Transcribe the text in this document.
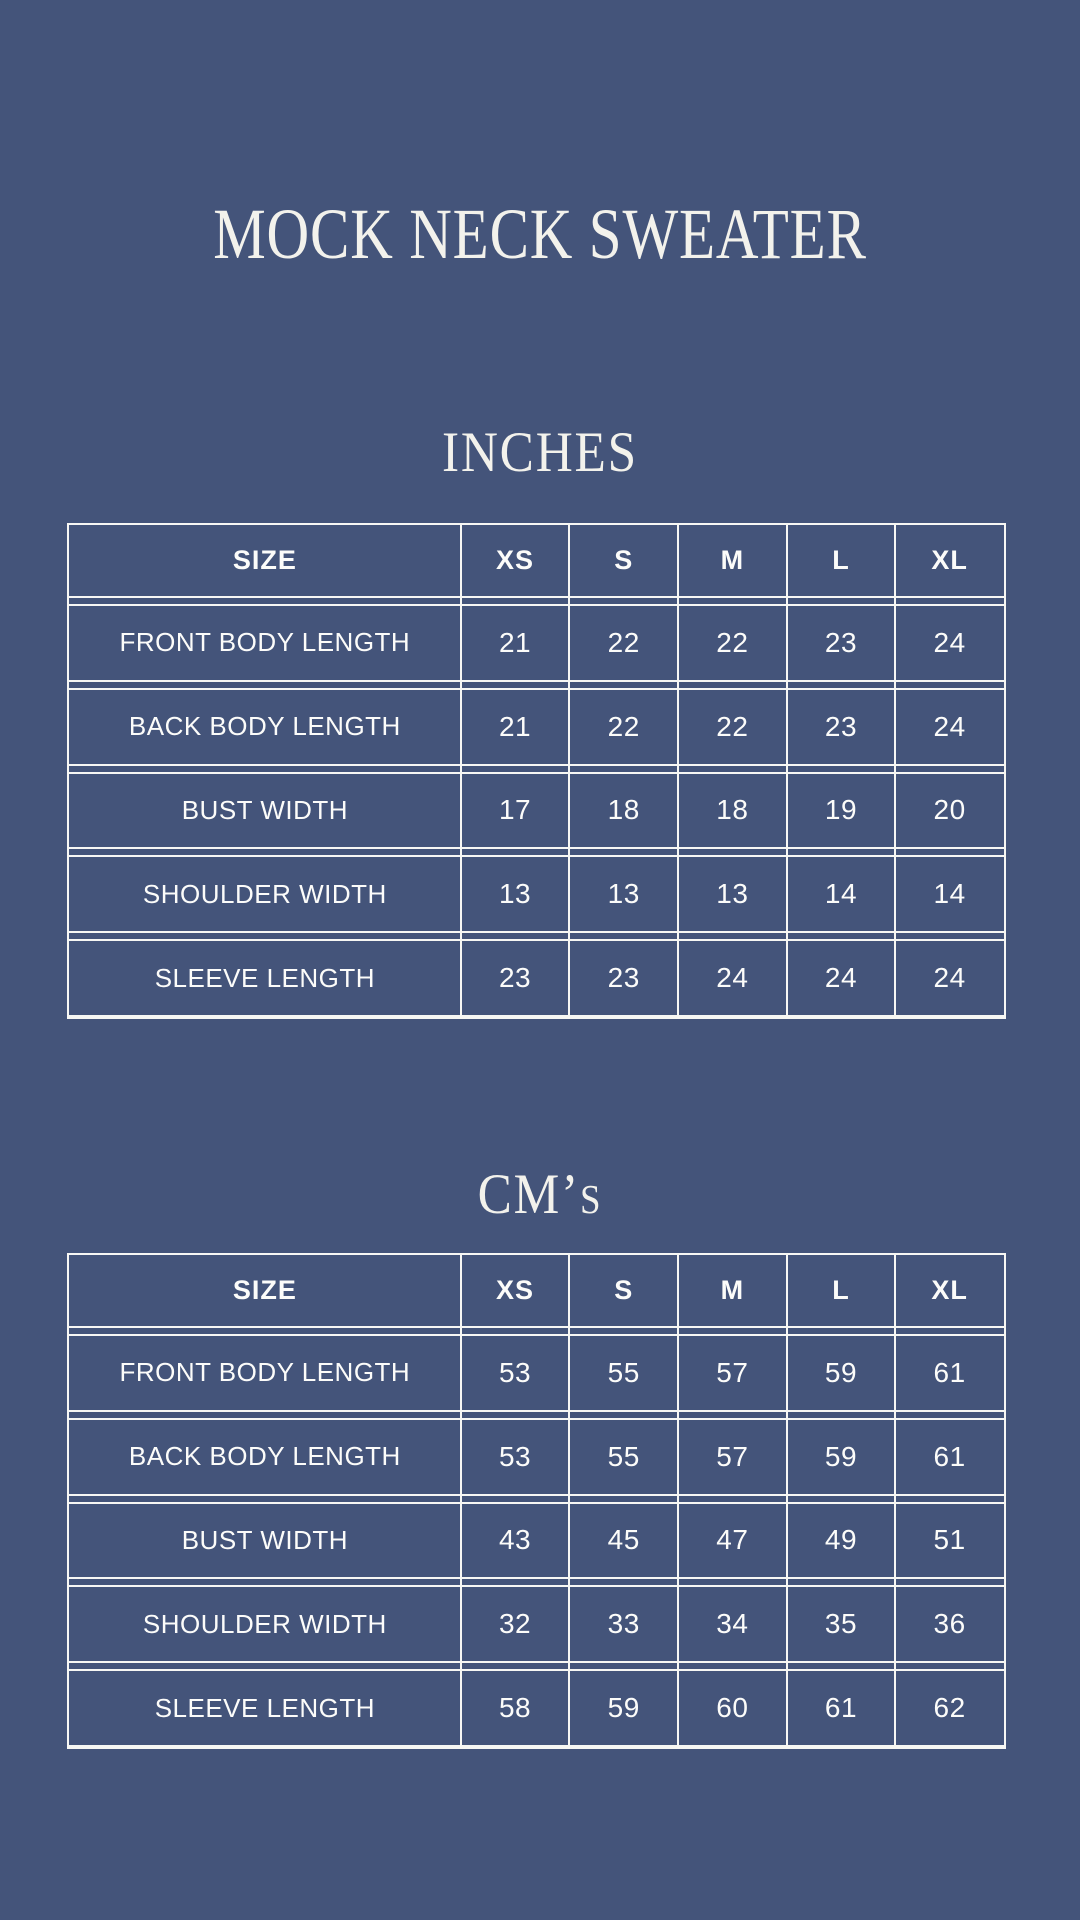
MOCK NECK SWEATER
INCHES
SIZE	XS	S	M	L	XL
FRONT BODY LENGTH	21	22	22	23	24
BACK BODY LENGTH	21	22	22	23	24
BUST WIDTH	17	18	18	19	20
SHOULDER WIDTH	13	13	13	14	14
SLEEVE LENGTH	23	23	24	24	24
CM’S
SIZE	XS	S	M	L	XL
FRONT BODY LENGTH	53	55	57	59	61
BACK BODY LENGTH	53	55	57	59	61
BUST WIDTH	43	45	47	49	51
SHOULDER WIDTH	32	33	34	35	36
SLEEVE LENGTH	58	59	60	61	62
